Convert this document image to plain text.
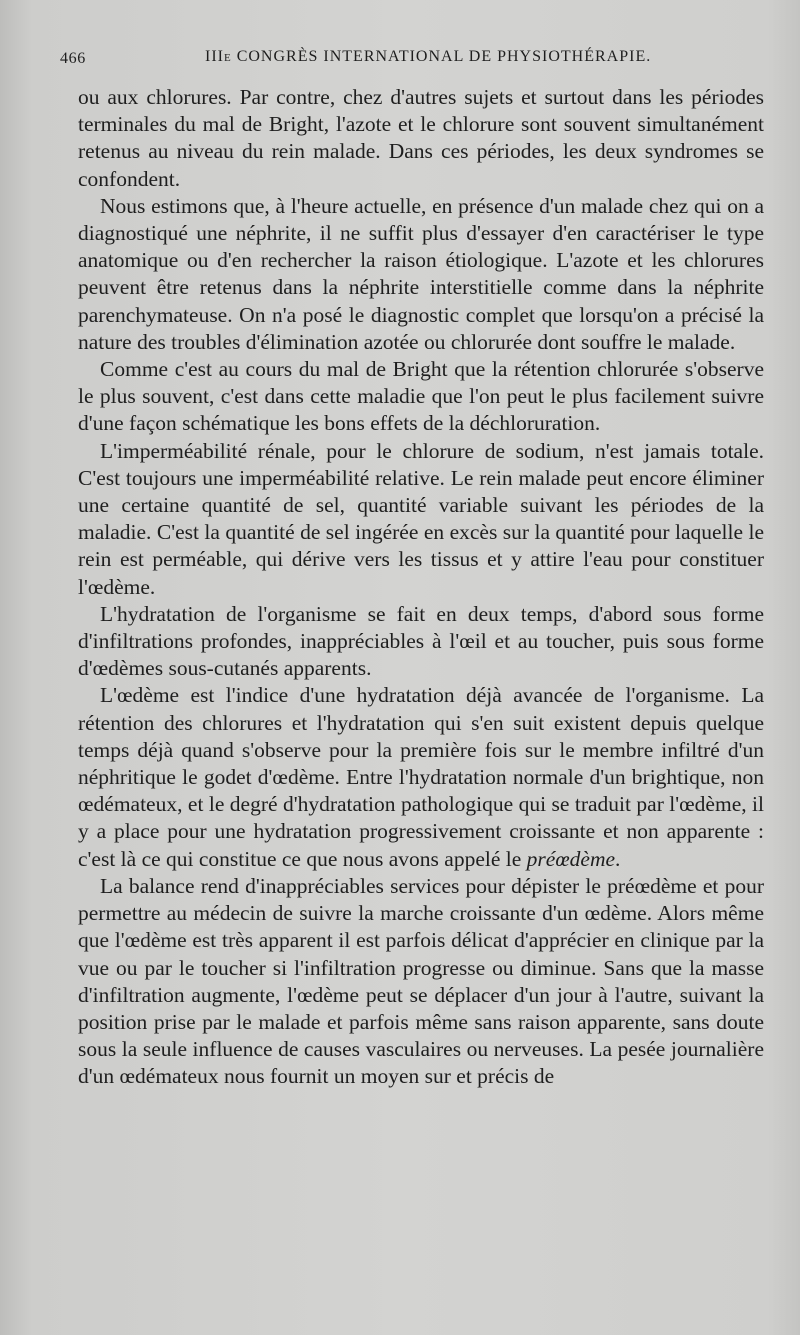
466	IIIe CONGRÈS INTERNATIONAL DE PHYSIOTHÉRAPIE.

ou aux chlorures. Par contre, chez d'autres sujets et surtout dans les périodes terminales du mal de Bright, l'azote et le chlorure sont souvent simultanément retenus au niveau du rein malade. Dans ces périodes, les deux syndromes se confondent.

Nous estimons que, à l'heure actuelle, en présence d'un malade chez qui on a diagnostiqué une néphrite, il ne suffit plus d'essayer d'en caractériser le type anatomique ou d'en rechercher la raison étiologique. L'azote et les chlorures peuvent être retenus dans la néphrite interstitielle comme dans la néphrite parenchymateuse. On n'a posé le diagnostic complet que lorsqu'on a précisé la nature des troubles d'élimination azotée ou chlorurée dont souffre le malade.

Comme c'est au cours du mal de Bright que la rétention chlorurée s'observe le plus souvent, c'est dans cette maladie que l'on peut le plus facilement suivre d'une façon schématique les bons effets de la déchloruration.

L'imperméabilité rénale, pour le chlorure de sodium, n'est jamais totale. C'est toujours une imperméabilité relative. Le rein malade peut encore éliminer une certaine quantité de sel, quantité variable suivant les périodes de la maladie. C'est la quantité de sel ingérée en excès sur la quantité pour laquelle le rein est perméable, qui dérive vers les tissus et y attire l'eau pour constituer l'œdème.

L'hydratation de l'organisme se fait en deux temps, d'abord sous forme d'infiltrations profondes, inappréciables à l'œil et au toucher, puis sous forme d'œdèmes sous-cutanés apparents.

L'œdème est l'indice d'une hydratation déjà avancée de l'organisme. La rétention des chlorures et l'hydratation qui s'en suit existent depuis quelque temps déjà quand s'observe pour la première fois sur le membre infiltré d'un néphritique le godet d'œdème. Entre l'hydratation normale d'un brightique, non œdémateux, et le degré d'hydratation pathologique qui se traduit par l'œdème, il y a place pour une hydratation progressivement croissante et non apparente : c'est là ce qui constitue ce que nous avons appelé le préœdème.

La balance rend d'inappréciables services pour dépister le préœdème et pour permettre au médecin de suivre la marche croissante d'un œdème. Alors même que l'œdème est très apparent il est parfois délicat d'apprécier en clinique par la vue ou par le toucher si l'infiltration progresse ou diminue. Sans que la masse d'infiltration augmente, l'œdème peut se déplacer d'un jour à l'autre, suivant la position prise par le malade et parfois même sans raison apparente, sans doute sous la seule influence de causes vasculaires ou nerveuses. La pesée journalière d'un œdémateux nous fournit un moyen sur et précis de
